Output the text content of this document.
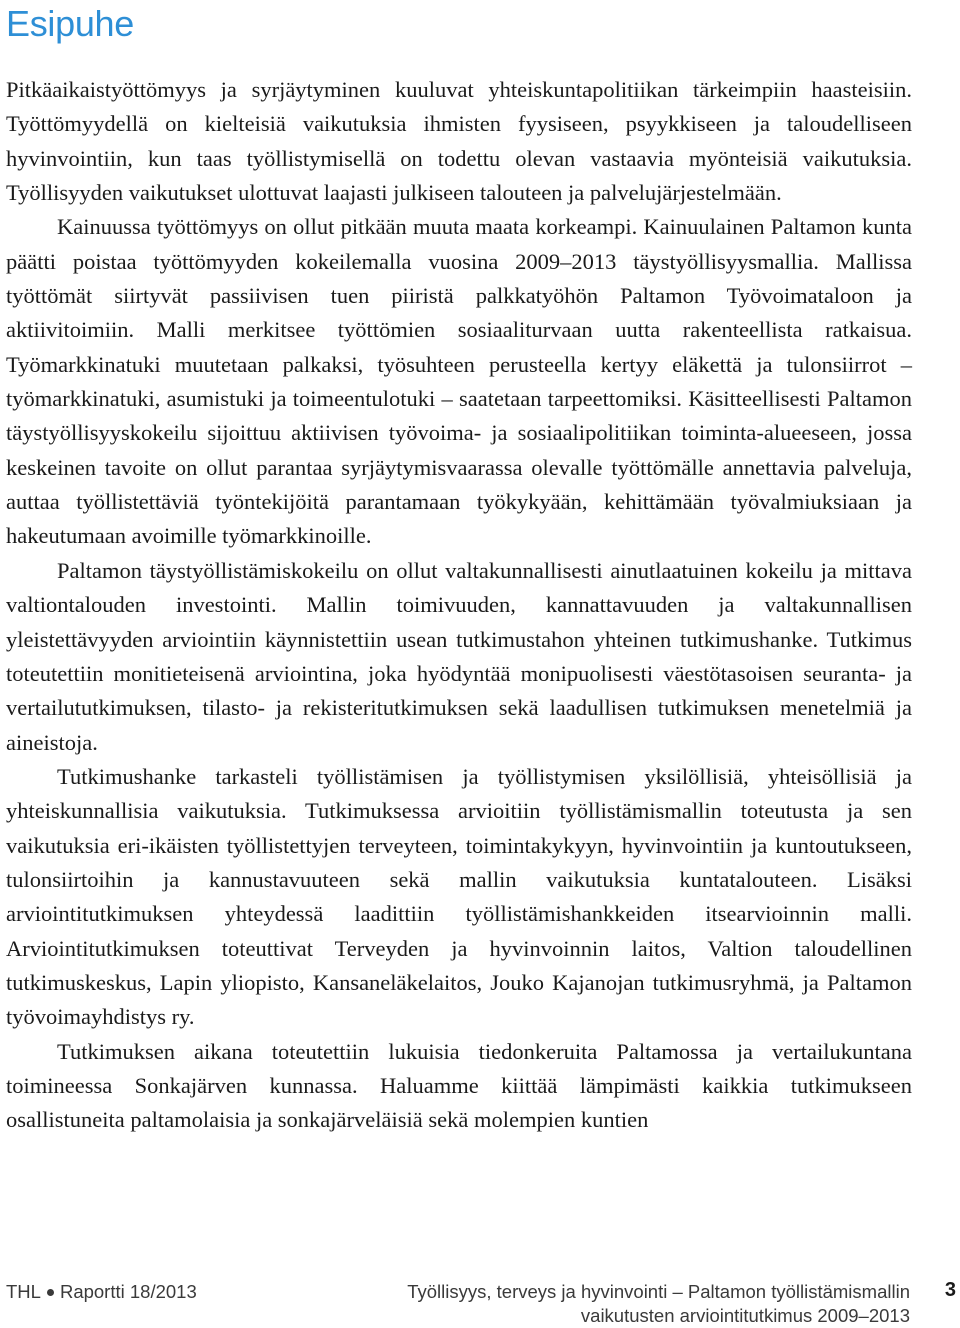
Esipuhe

Pitkäaikaistyöttömyys ja syrjäytyminen kuuluvat yhteiskuntapolitiikan tärkeimpiin haasteisiin. Työttömyydellä on kielteisiä vaikutuksia ihmisten fyysiseen, psyykkiseen ja taloudelliseen hyvinvointiin, kun taas työllistymisellä on todettu olevan vastaavia myönteisiä vaikutuksia. Työllisyyden vaikutukset ulottuvat laajasti julkiseen talouteen ja palvelujärjestelmään.

Kainuussa työttömyys on ollut pitkään muuta maata korkeampi. Kainuulainen Paltamon kunta päätti poistaa työttömyyden kokeilemalla vuosina 2009–2013 täystyöllisyysmallia. Mallissa työttömät siirtyvät passiivisen tuen piiristä palkkatyöhön Paltamon Työvoimataloon ja aktiivitoimiin. Malli merkitsee työttömien sosiaaliturvaan uutta rakenteellista ratkaisua. Työmarkkinatuki muutetaan palkaksi, työsuhteen perusteella kertyy eläkettä ja tulonsiirrot – työmarkkinatuki, asumistuki ja toimeentulotuki – saatetaan tarpeettomiksi. Käsitteellisesti Paltamon täystyöllisyyskokeilu sijoittuu aktiivisen työvoima- ja sosiaalipolitiikan toiminta-alueeseen, jossa keskeinen tavoite on ollut parantaa syrjäytymisvaarassa olevalle työttömälle annettavia palveluja, auttaa työllistettäviä työntekijöitä parantamaan työkykyään, kehittämään työvalmiuksiaan ja hakeutumaan avoimille työmarkkinoille.

Paltamon täystyöllistämiskokeilu on ollut valtakunnallisesti ainutlaatuinen kokeilu ja mittava valtiontalouden investointi. Mallin toimivuuden, kannattavuuden ja valtakunnallisen yleistettävyyden arviointiin käynnistettiin usean tutkimustahon yhteinen tutkimushanke. Tutkimus toteutettiin monitieteisenä arviointina, joka hyödyntää monipuolisesti väestötasoisen seuranta- ja vertailututkimuksen, tilasto- ja rekisteritutkimuksen sekä laadullisen tutkimuksen menetelmiä ja aineistoja.

Tutkimushanke tarkasteli työllistämisen ja työllistymisen yksilöllisiä, yhteisöllisiä ja yhteiskunnallisia vaikutuksia. Tutkimuksessa arvioitiin työllistämismallin toteutusta ja sen vaikutuksia eri-ikäisten työllistettyjen terveyteen, toimintakykyyn, hyvinvointiin ja kuntoutukseen, tulonsiirtoihin ja kannustavuuteen sekä mallin vaikutuksia kuntatalouteen. Lisäksi arviointitutkimuksen yhteydessä laadittiin työllistämishankkeiden itsearvioinnin malli. Arviointitutkimuksen toteuttivat Terveyden ja hyvinvoinnin laitos, Valtion taloudellinen tutkimuskeskus, Lapin yliopisto, Kansaneläkelaitos, Jouko Kajanojan tutkimusryhmä, ja Paltamon työvoimayhdistys ry.

Tutkimuksen aikana toteutettiin lukuisia tiedonkeruita Paltamossa ja vertailukuntana toimineessa Sonkajärven kunnassa. Haluamme kiittää lämpimästi kaikkia tutkimukseen osallistuneita paltamolaisia ja sonkajärveläisiä sekä molempien kuntien

THL Raportti 18/2013	Työllisyys, terveys ja hyvinvointi – Paltamon työllistämismallin
vaikutusten arviointitutkimus 2009–2013
3
